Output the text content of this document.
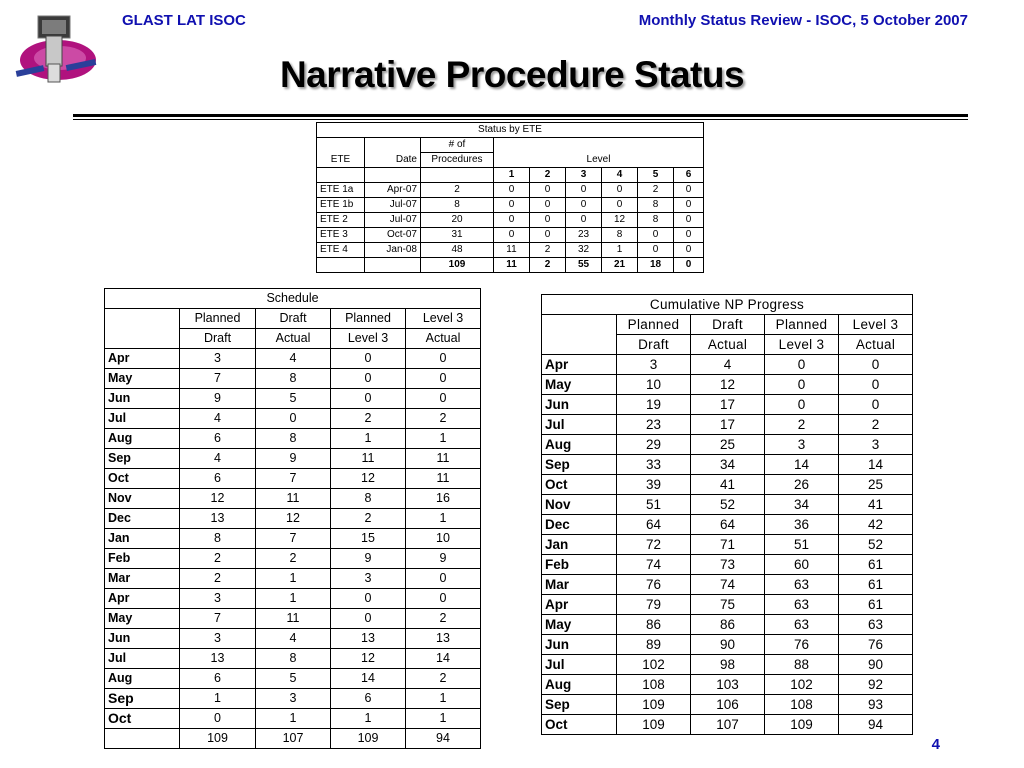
GLAST LAT ISOC	Monthly Status Review - ISOC, 5 October 2007
Narrative Procedure Status
Status by ETE								
ETE	Date	# of	Level					
		Procedures						
			1	2	3	4	5	6
ETE 1a	Apr-07	2	0	0	0	0	2	0
ETE 1b	Jul-07	8	0	0	0	0	8	0
ETE 2	Jul-07	20	0	0	0	12	8	0
ETE 3	Oct-07	31	0	0	23	8	0	0
ETE 4	Jan-08	48	11	2	32	1	0	0
		109	11	2	55	21	18	0
Schedule				
	Planned	Draft	Planned	Level 3
	Draft	Actual	Level 3	Actual
Apr	3	4	0	0
May	7	8	0	0
Jun	9	5	0	0
Jul	4	0	2	2
Aug	6	8	1	1
Sep	4	9	11	11
Oct	6	7	12	11
Nov	12	11	8	16
Dec	13	12	2	1
Jan	8	7	15	10
Feb	2	2	9	9
Mar	2	1	3	0
Apr	3	1	0	0
May	7	11	0	2
Jun	3	4	13	13
Jul	13	8	12	14
Aug	6	5	14	2
Sep	1	3	6	1
Oct	0	1	1	1
	109	107	109	94
Cumulative NP Progress				
	Planned	Draft	Planned	Level 3
	Draft	Actual	Level 3	Actual
Apr	3	4	0	0
May	10	12	0	0
Jun	19	17	0	0
Jul	23	17	2	2
Aug	29	25	3	3
Sep	33	34	14	14
Oct	39	41	26	25
Nov	51	52	34	41
Dec	64	64	36	42
Jan	72	71	51	52
Feb	74	73	60	61
Mar	76	74	63	61
Apr	79	75	63	61
May	86	86	63	63
Jun	89	90	76	76
Jul	102	98	88	90
Aug	108	103	102	92
Sep	109	106	108	93
Oct	109	107	109	94
4
